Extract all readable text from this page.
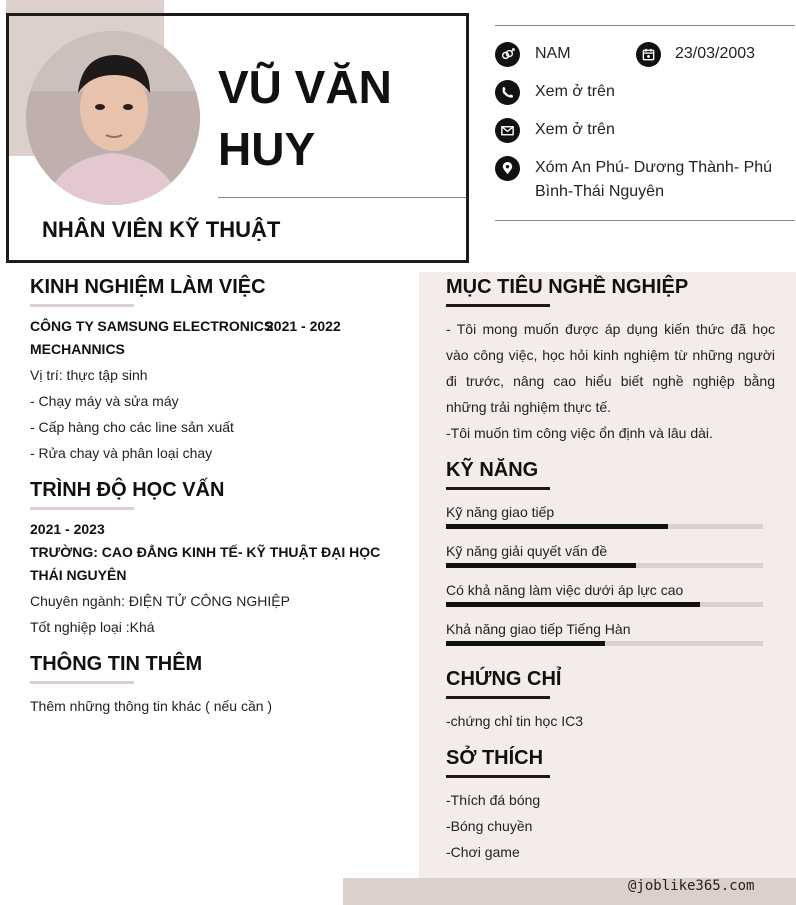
VŨ VĂN
HUY
NHÂN VIÊN KỸ THUẬT
NAM	23/03/2003
Xem ở trên
Xem ở trên
Xóm An Phú- Dương Thành- Phú
Bình-Thái Nguyên
@joblike365.com
KINH NGHIỆM LÀM VIỆC
CÔNG TY SAMSUNG ELECTRONICS
2021 - 2022
MECHANNICS
Vị trí: thực tập sinh
- Chạy máy và sửa máy
- Cấp hàng cho các line sản xuất
- Rửa chay và phân loại chay
TRÌNH ĐỘ HỌC VẤN
2021 - 2023
TRƯỜNG: CAO ĐẲNG KINH TẾ- KỸ THUẬT ĐẠI HỌC
THÁI NGUYÊN
Chuyên ngành: ĐIỆN TỬ CÔNG NGHIỆP
Tốt nghiệp loại :Khá
THÔNG TIN THÊM
Thêm những thông tin khác ( nếu cần )
MỤC TIÊU NGHỀ NGHIỆP
- Tôi mong muốn được áp dụng kiến thức đã học vào công việc, học hỏi kinh nghiệm từ những người đi trước, nâng cao hiểu biết nghề nghiệp bằng những trải nghiệm thực tế.
-Tôi muốn tìm công việc ổn định và lâu dài.
KỸ NĂNG
Kỹ năng giao tiếp
Kỹ năng giải quyết vấn đề
Có khả năng làm việc dưới áp lực cao
Khả năng giao tiếp Tiếng Hàn
CHỨNG CHỈ
-chứng chỉ tin học IC3
SỞ THÍCH
-Thích đá bóng
-Bóng chuyền
-Chơi game
